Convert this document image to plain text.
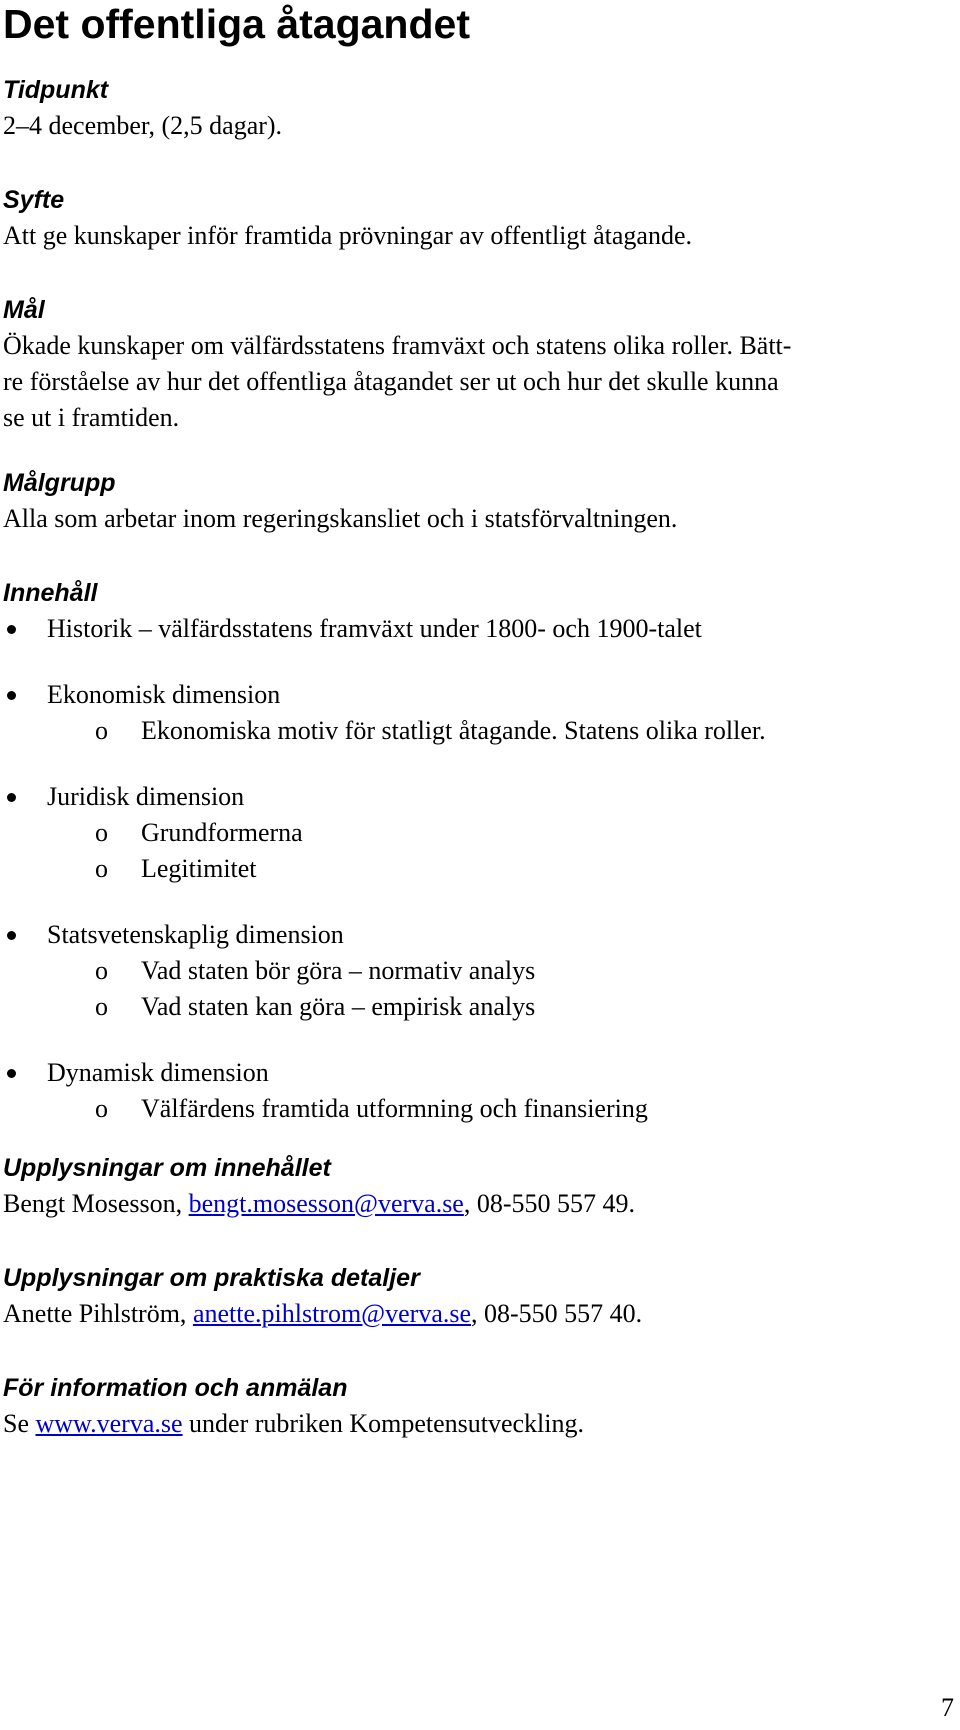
Det offentliga åtagandet
Tidpunkt
2–4 december, (2,5 dagar).
Syfte
Att ge kunskaper inför framtida prövningar av offentligt åtagande.
Mål
Ökade kunskaper om välfärdsstatens framväxt och statens olika roller. Bätt-
re förståelse av hur det offentliga åtagandet ser ut och hur det skulle kunna
se ut i framtiden.
Målgrupp
Alla som arbetar inom regeringskansliet och i statsförvaltningen.
Innehåll
Historik – välfärdsstatens framväxt under 1800- och 1900-talet
Ekonomisk dimension
o Ekonomiska motiv för statligt åtagande. Statens olika roller.
Juridisk dimension
o Grundformerna
o Legitimitet
Statsvetenskaplig dimension
o Vad staten bör göra – normativ analys
o Vad staten kan göra – empirisk analys
Dynamisk dimension
o Välfärdens framtida utformning och finansiering
Upplysningar om innehållet
Bengt Mosesson, bengt.mosesson@verva.se, 08-550 557 49.
Upplysningar om praktiska detaljer
Anette Pihlström, anette.pihlstrom@verva.se, 08-550 557 40.
För information och anmälan
Se www.verva.se under rubriken Kompetensutveckling.
7
